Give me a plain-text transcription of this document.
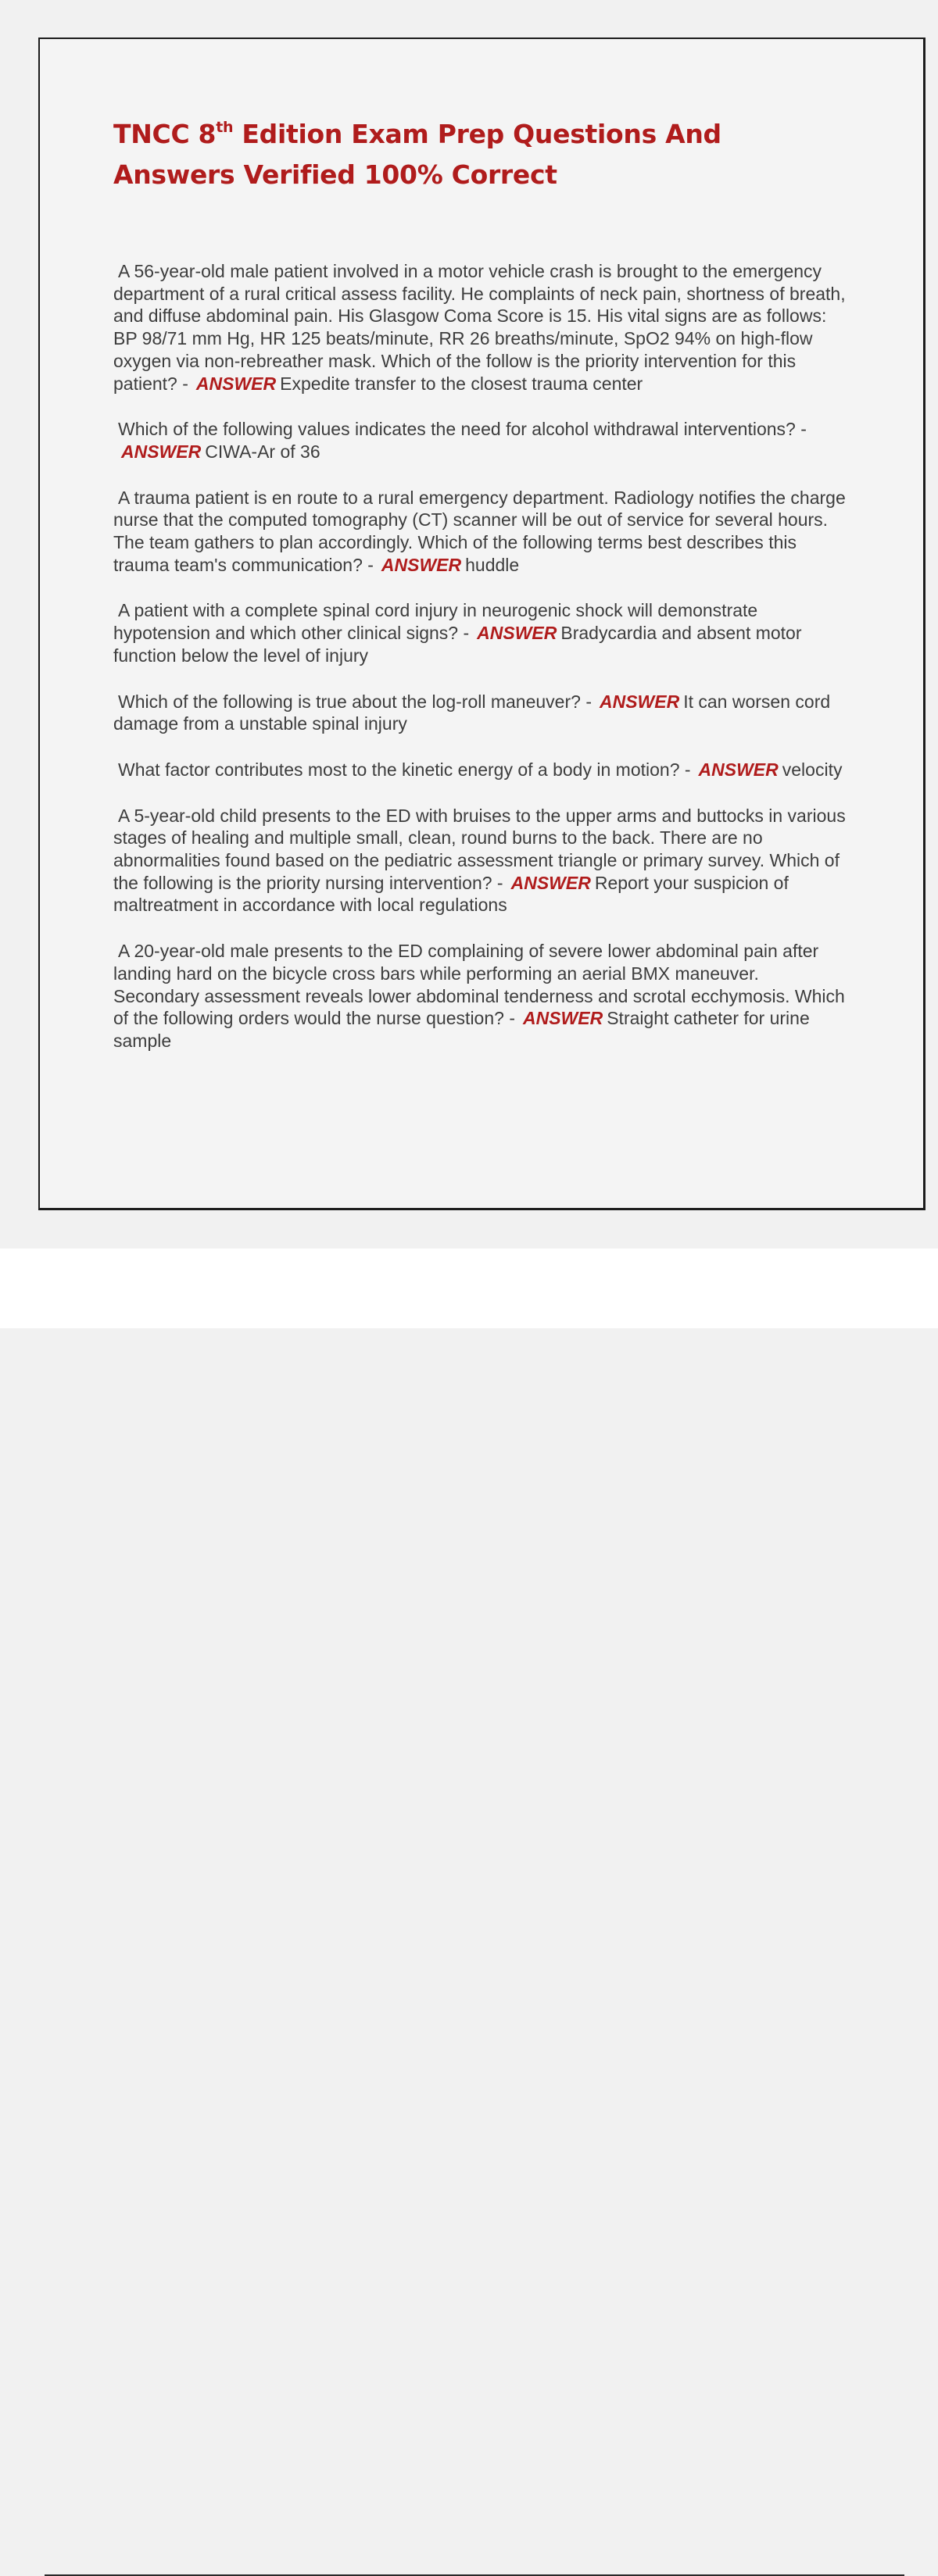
TNCC 8th Edition Exam Prep Questions And Answers Verified 100% Correct

A 56-year-old male patient involved in a motor vehicle crash is brought to the emergency department of a rural critical assess facility. He complaints of neck pain, shortness of breath, and diffuse abdominal pain. His Glasgow Coma Score is 15. His vital signs are as follows: BP 98/71 mm Hg, HR 125 beats/minute, RR 26 breaths/minute, SpO2 94% on high-flow oxygen via non-rebreather mask. Which of the follow is the priority intervention for this patient? - ANSWER Expedite transfer to the closest trauma center

Which of the following values indicates the need for alcohol withdrawal interventions? -ANSWER CIWA-Ar of 36

A trauma patient is en route to a rural emergency department. Radiology notifies the charge nurse that the computed tomography (CT) scanner will be out of service for several hours. The team gathers to plan accordingly. Which of the following terms best describes this trauma team's communication? - ANSWER huddle

A patient with a complete spinal cord injury in neurogenic shock will demonstrate hypotension and which other clinical signs? - ANSWER Bradycardia and absent motor function below the level of injury

Which of the following is true about the log-roll maneuver? - ANSWER It can worsen cord damage from a unstable spinal injury

What factor contributes most to the kinetic energy of a body in motion? - ANSWER velocity

A 5-year-old child presents to the ED with bruises to the upper arms and buttocks in various stages of healing and multiple small, clean, round burns to the back. There are no abnormalities found based on the pediatric assessment triangle or primary survey. Which of the following is the priority nursing intervention? - ANSWER Report your suspicion of maltreatment in accordance with local regulations

A 20-year-old male presents to the ED complaining of severe lower abdominal pain after landing hard on the bicycle cross bars while performing an aerial BMX maneuver. Secondary assessment reveals lower abdominal tenderness and scrotal ecchymosis. Which of the following orders would the nurse question? - ANSWER Straight catheter for urine sample
